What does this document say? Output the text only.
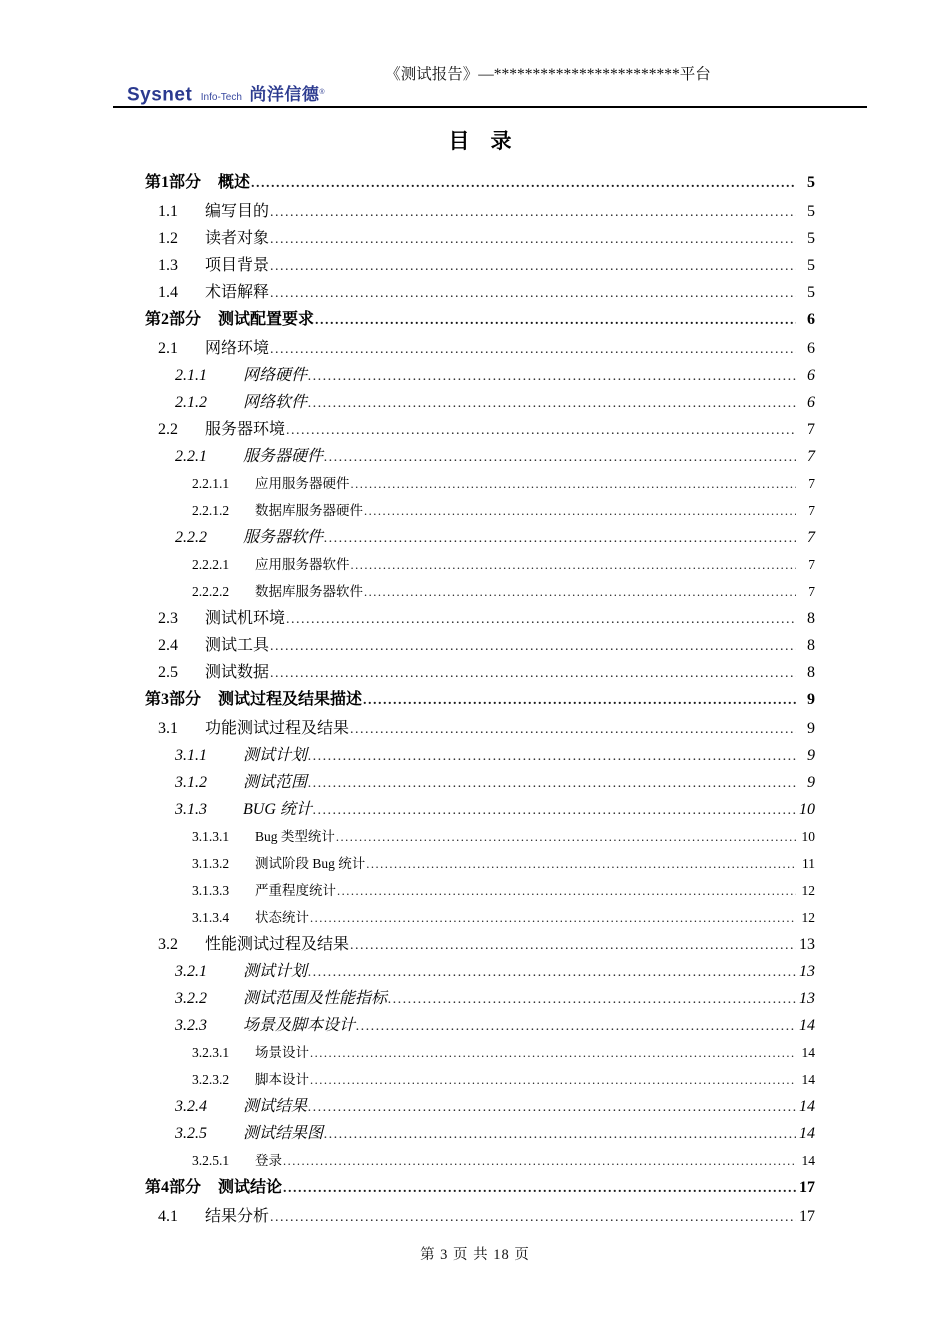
Sysnet Info-Tech 尚洋信德®
《测试报告》—************************平台
目　录
第1部分	概述 .....	5
1.1	编写目的 .....	5
1.2	读者对象 .....	5
1.3	项目背景 .....	5
1.4	术语解释 .....	5
第2部分	测试配置要求 .....	6
2.1	网络环境 .....	6
2.1.1	网络硬件 .....	6
2.1.2	网络软件 .....	6
2.2	服务器环境 .....	7
2.2.1	服务器硬件 .....	7
2.2.1.1	应用服务器硬件 .....	7
2.2.1.2	数据库服务器硬件 .....	7
2.2.2	服务器软件 .....	7
2.2.2.1	应用服务器软件 .....	7
2.2.2.2	数据库服务器软件 .....	7
2.3	测试机环境 .....	8
2.4	测试工具 .....	8
2.5	测试数据 .....	8
第3部分	测试过程及结果描述 .....	9
3.1	功能测试过程及结果 .....	9
3.1.1	测试计划 .....	9
3.1.2	测试范围 .....	9
3.1.3	BUG 统计 .....	10
3.1.3.1	Bug 类型统计 .....	10
3.1.3.2	测试阶段 Bug 统计 .....	11
3.1.3.3	严重程度统计 .....	12
3.1.3.4	状态统计 .....	12
3.2	性能测试过程及结果 .....	13
3.2.1	测试计划 .....	13
3.2.2	测试范围及性能指标 .....	13
3.2.3	场景及脚本设计 .....	14
3.2.3.1	场景设计 .....	14
3.2.3.2	脚本设计 .....	14
3.2.4	测试结果 .....	14
3.2.5	测试结果图 .....	14
3.2.5.1	登录 .....	14
第4部分	测试结论 .....	17
4.1	结果分析 .....	17
第 3 页 共 18 页
